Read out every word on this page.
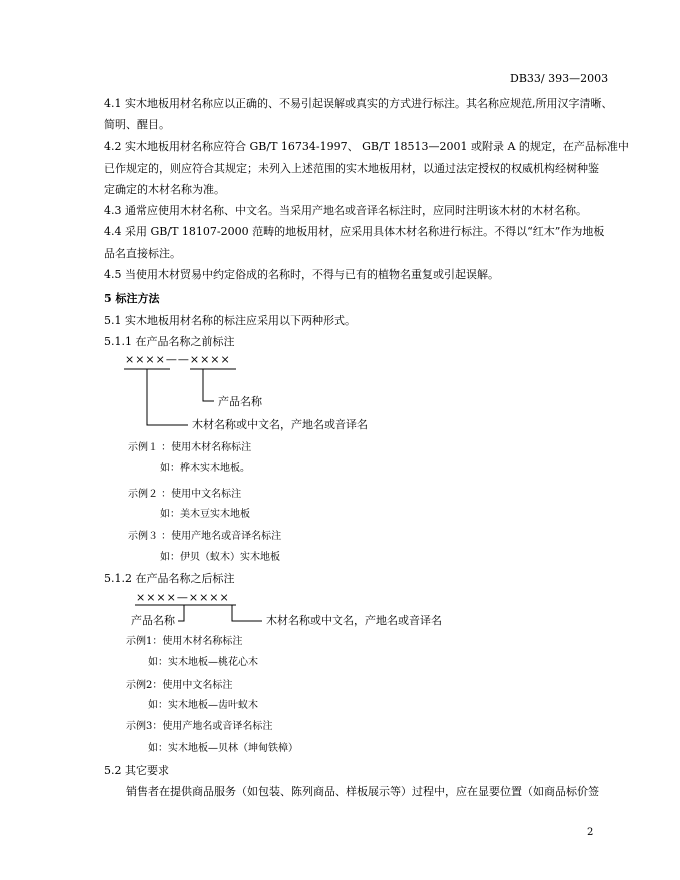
DB33/ 393—2003
4.1 实木地板用材名称应以正确的、不易引起误解或真实的方式进行标注。其名称应规范,所用汉字清晰、
简明、醒目。
4.2 实木地板用材名称应符合 GB/T 16734-1997、 GB/T 18513—2001 或附录 A 的规定，在产品标准中
已作规定的，则应符合其规定；未列入上述范围的实木地板用材，以通过法定授权的权威机构经树种鉴
定确定的木材名称为准。
4.3 通常应使用木材名称、中文名。当采用产地名或音译名标注时，应同时注明该木材的木材名称。
4.4 采用 GB/T 18107-2000 范畴的地板用材，应采用具体木材名称进行标注。不得以“红木”作为地板
品名直接标注。
4.5 当使用木材贸易中约定俗成的名称时，不得与已有的植物名重复或引起误解。
5 标注方法
5.1 实木地板用材名称的标注应采用以下两种形式。
5.1.1 在产品名称之前标注
××××——××××
产品名称
木材名称或中文名，产地名或音译名
示例１ ：使用木材名称标注
如：桦木实木地板。
示例２ ：使用中文名标注
如：美木豆实木地板
示例３ ：使用产地名或音译名标注
如：伊贝（蚁木）实木地板
5.1.2 在产品名称之后标注
××××—××××
产品名称	木材名称或中文名，产地名或音译名
示例1：使用木材名称标注
如：实木地板—桃花心木
示例2：使用中文名标注
如：实木地板—齿叶蚁木
示例3：使用产地名或音译名标注
如：实木地板—贝林（坤甸铁樟）
5.2 其它要求
销售者在提供商品服务（如包装、陈列商品、样板展示等）过程中，应在显要位置（如商品标价签
2
